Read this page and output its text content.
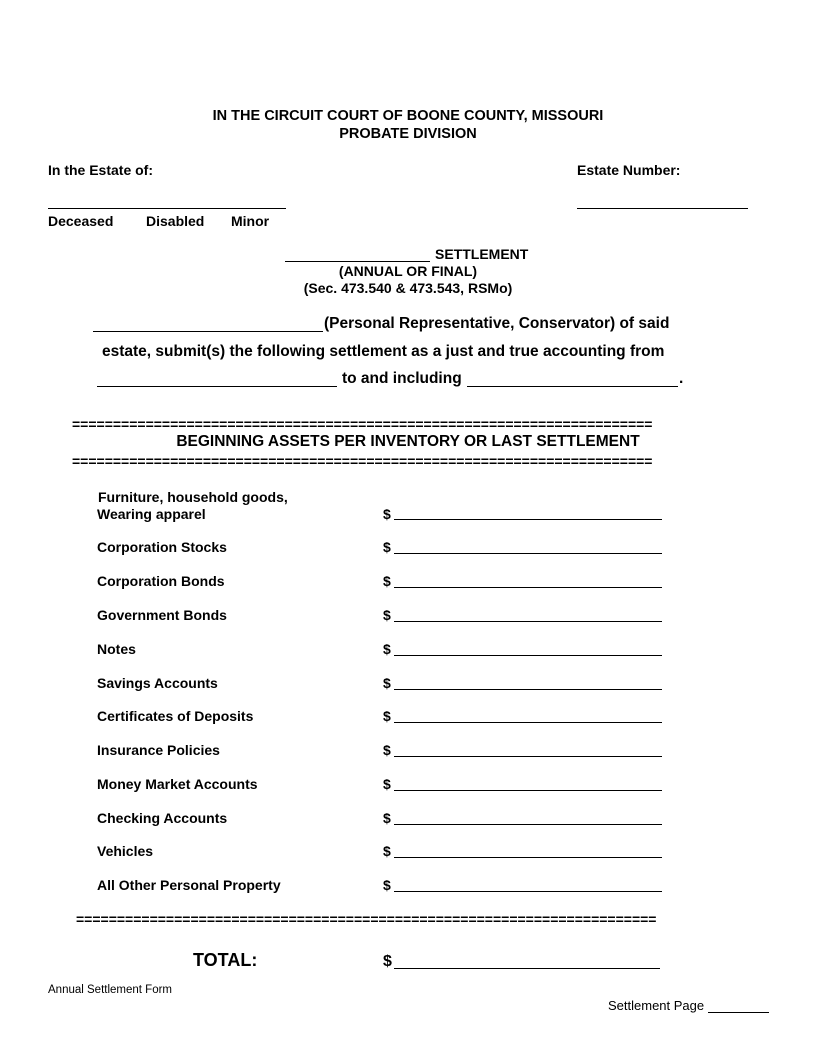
IN THE CIRCUIT COURT OF BOONE COUNTY, MISSOURI
PROBATE DIVISION
In the Estate of:	Estate Number:
Deceased Disabled Minor
SETTLEMENT
(ANNUAL OR FINAL)
(Sec. 473.540 & 473.543, RSMo)
(Personal Representative, Conservator) of said
estate, submit(s) the following settlement as a just and true accounting from
to and including	.
=======================================================================
BEGINNING ASSETS PER INVENTORY OR LAST SETTLEMENT
=======================================================================
Furniture, household goods,
Wearing apparel	$
Corporation Stocks	$
Corporation Bonds	$
Government Bonds	$
Notes	$
Savings Accounts	$
Certificates of Deposits	$
Insurance Policies	$
Money Market Accounts	$
Checking Accounts	$
Vehicles	$
All Other Personal Property	$
=======================================================================
TOTAL:	$
Annual Settlement Form
Settlement Page
